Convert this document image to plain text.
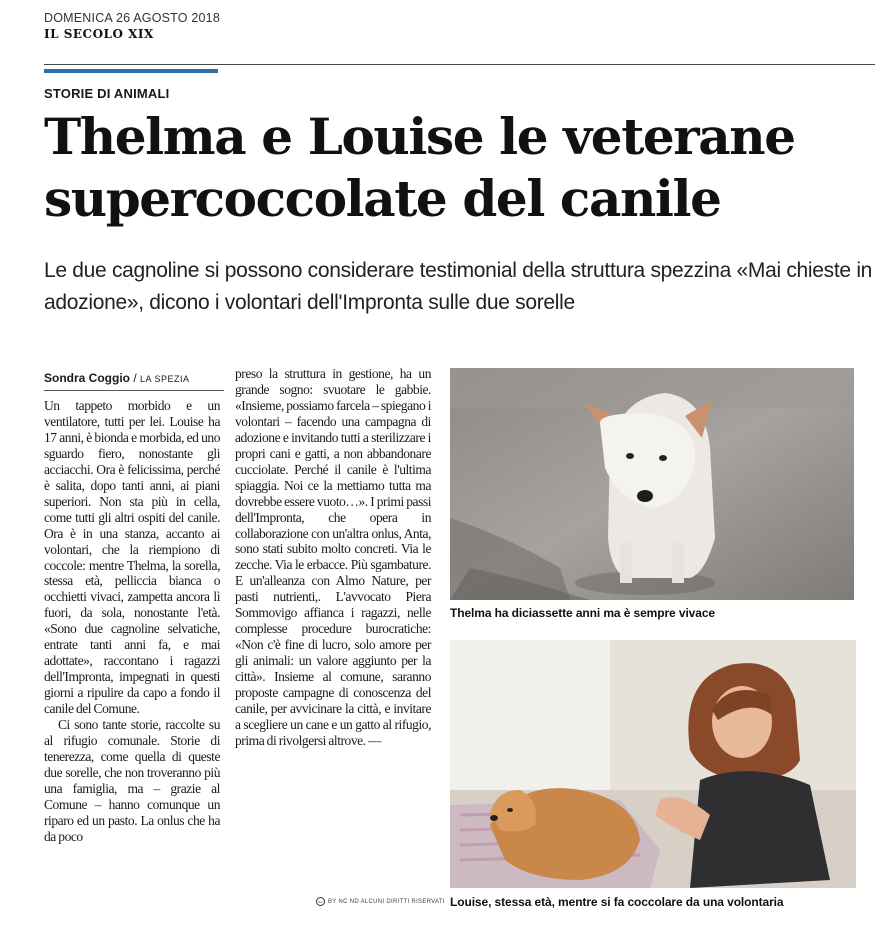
DOMENICA 26 AGOSTO 2018
IL SECOLO XIX
STORIE DI ANIMALI
Thelma e Louise le veterane supercoccolate del canile

Le due cagnoline si possono considerare testimonial della struttura spezzina «Mai chieste in adozione», dicono i volontari dell'Impronta sulle due sorelle

Sondra Coggio / LA SPEZIA

Un tappeto morbido e un ventilatore, tutti per lei. Louise ha 17 anni, è bionda e morbida, ed uno sguardo fiero, nonostante gli acciacchi. Ora è felicissima, perché è salita, dopo tanti anni, ai piani superiori. Non sta più in cella, come tutti gli altri ospiti del canile. Ora è in una stanza, accanto ai volontari, che la riempiono di coccole: mentre Thelma, la sorella, stessa età, pelliccia bianca o occhietti vivaci, zampetta ancora lì fuori, da sola, nonostante l'età. «Sono due cagnoline selvatiche, entrate tanti anni fa, e mai adottate», raccontano i ragazzi dell'Impronta, impegnati in questi giorni a ripulire da capo a fondo il canile del Comune.

Ci sono tante storie, raccolte su al rifugio comunale. Storie di tenerezza, come quella di queste due sorelle, che non troveranno più una famiglia, ma – grazie al Comune – hanno comunque un riparo ed un pasto. La onlus che ha da poco

preso la struttura in gestione, ha un grande sogno: svuotare le gabbie. «Insieme, possiamo farcela – spiegano i volontari – facendo una campagna di adozione e invitando tutti a sterilizzare i propri cani e gatti, a non abbandonare cucciolate. Perché il canile è l'ultima spiaggia. Noi ce la mettiamo tutta ma dovrebbe essere vuoto…». I primi passi dell'Impronta, che opera in collaborazione con un'altra onlus, Anta, sono stati subito molto concreti. Via le zecche. Via le erbacce. Più sgambature. E un'alleanza con Almo Nature, per pasti nutrienti,. L'avvocato Piera Sommovigo affianca i ragazzi, nelle complesse procedure burocratiche: «Non c'è fine di lucro, solo amore per gli animali: un valore aggiunto per la città». Insieme al comune, saranno proposte campagne di conoscenza del canile, per avvicinare la città, e invitare a scegliere un cane e un gatto al rifugio, prima di rivolgersi altrove. —

Thelma ha diciassette anni ma è sempre vivace
Louise, stessa età, mentre si fa coccolare da una volontaria
cc BY NC ND ALCUNI DIRITTI RISERVATI
